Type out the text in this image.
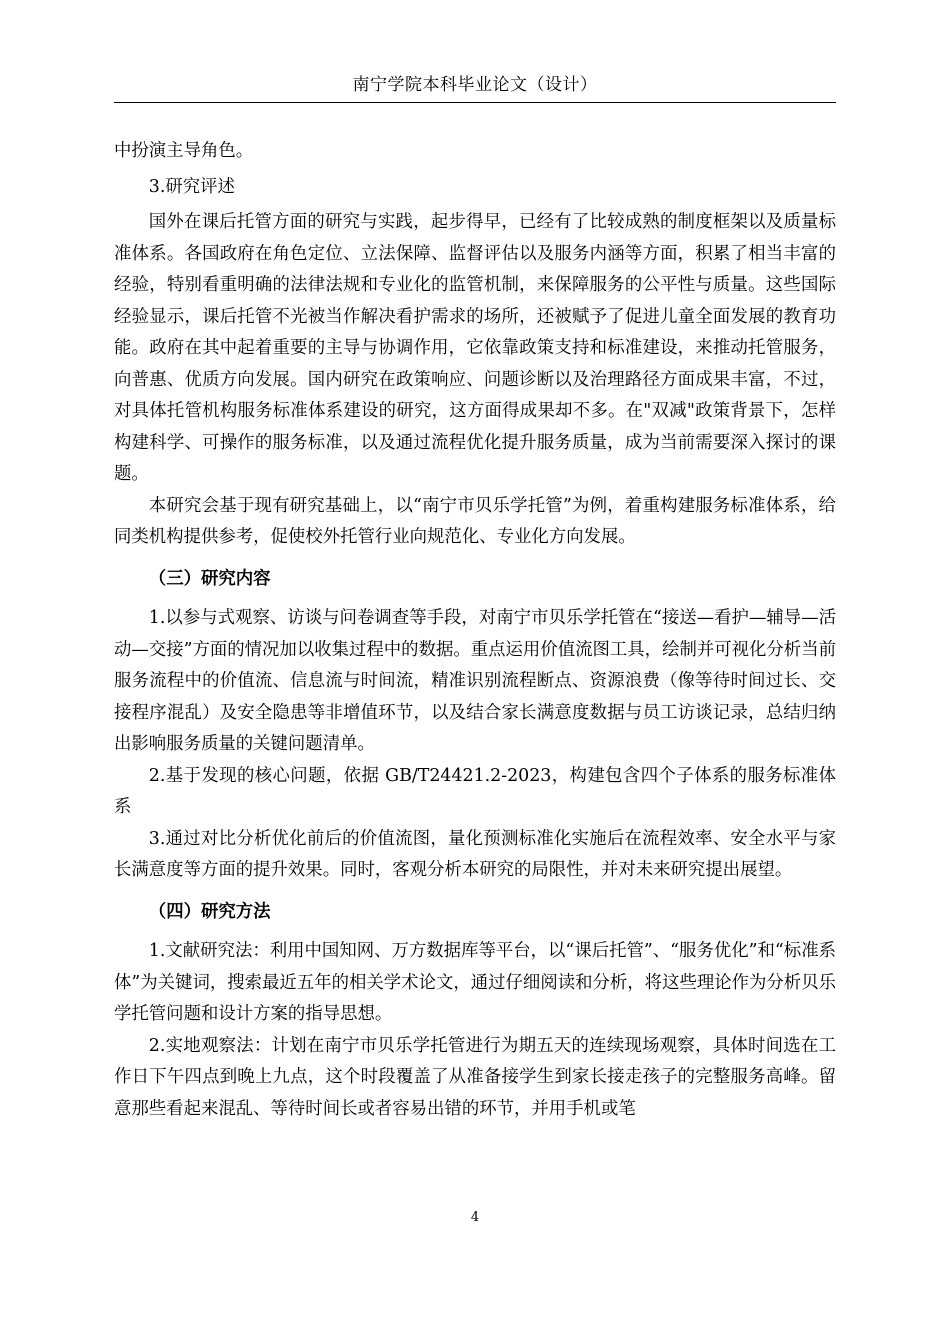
南宁学院本科毕业论文（设计）

中扮演主导角色。

3.研究评述

国外在课后托管方面的研究与实践，起步得早，已经有了比较成熟的制度框架以及质量标准体系。各国政府在角色定位、立法保障、监督评估以及服务内涵等方面，积累了相当丰富的经验，特别看重明确的法律法规和专业化的监管机制，来保障服务的公平性与质量。这些国际经验显示，课后托管不光被当作解决看护需求的场所，还被赋予了促进儿童全面发展的教育功能。政府在其中起着重要的主导与协调作用，它依靠政策支持和标准建设，来推动托管服务，向普惠、优质方向发展。国内研究在政策响应、问题诊断以及治理路径方面成果丰富，不过，对具体托管机构服务标准体系建设的研究，这方面得成果却不多。在"双减"政策背景下，怎样构建科学、可操作的服务标准，以及通过流程优化提升服务质量，成为当前需要深入探讨的课题。

本研究会基于现有研究基础上，以“南宁市贝乐学托管”为例，着重构建服务标准体系，给同类机构提供参考，促使校外托管行业向规范化、专业化方向发展。

（三）研究内容

1.以参与式观察、访谈与问卷调查等手段，对南宁市贝乐学托管在“接送—看护—辅导—活动—交接”方面的情况加以收集过程中的数据。重点运用价值流图工具，绘制并可视化分析当前服务流程中的价值流、信息流与时间流，精准识别流程断点、资源浪费（像等待时间过长、交接程序混乱）及安全隐患等非增值环节，以及结合家长满意度数据与员工访谈记录，总结归纳出影响服务质量的关键问题清单。

2.基于发现的核心问题，依据 GB/T24421.2-2023，构建包含四个子体系的服务标准体系

3.通过对比分析优化前后的价值流图，量化预测标准化实施后在流程效率、安全水平与家长满意度等方面的提升效果。同时，客观分析本研究的局限性，并对未来研究提出展望。

（四）研究方法

1.文献研究法：利用中国知网、万方数据库等平台，以“课后托管”、“服务优化”和“标准系体”为关键词，搜索最近五年的相关学术论文，通过仔细阅读和分析，将这些理论作为分析贝乐学托管问题和设计方案的指导思想。

2.实地观察法：计划在南宁市贝乐学托管进行为期五天的连续现场观察，具体时间选在工作日下午四点到晚上九点，这个时段覆盖了从准备接学生到家长接走孩子的完整服务高峰。留意那些看起来混乱、等待时间长或者容易出错的环节，并用手机或笔

4
